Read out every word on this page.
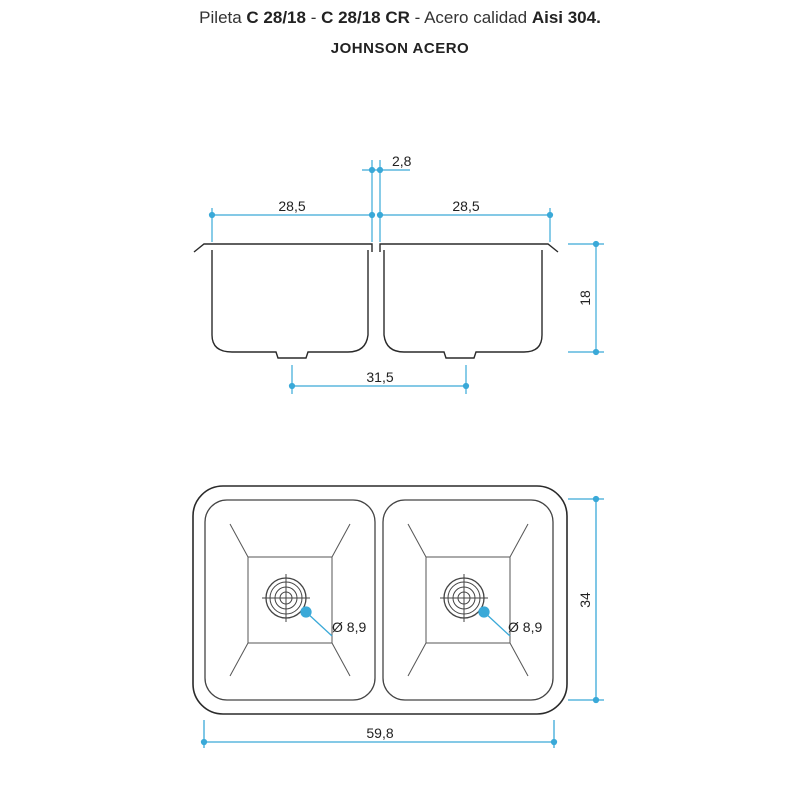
Pileta C 28/18 - C 28/18 CR - Acero calidad Aisi 304.
JOHNSON ACERO
2,8
28,5	28,5
18
31,5
Ø 8,9	Ø 8,9
34
59,8
